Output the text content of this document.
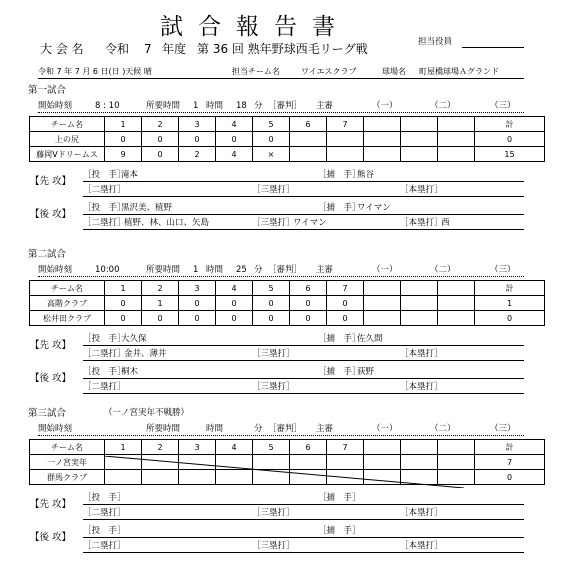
試合報告書
担当役員
大 会 名 令和 7 年度 第 36 回 熟年野球西毛リーグ戦
令和 7 年 7 月 6 日(日 )天候 晴	担当チーム名	ワイエスクラブ	球場名 町屋橋球場Ａグランド
第一試合
開始時刻	8 : 10	所要時間 1 時間 18 分 ［審判］ 主審	（一）	（二）	（三）
チーム名	1	2	3	4	5	6	7				計
上の尻	0	0	0	0	0						0
藤岡Vドリームス	9	0	2	4	×						15
【先 攻】
［投　手］
滝本	［捕　手］
熊谷
［二塁打］	［三塁打］	［本塁打］
【後 攻】
［投　手］
黒沢美、植野	［捕　手］
ワイマン
［二塁打］
植野、林、山口、矢島	［三塁打］
ワイマン	［本塁打］
西
第二試合
開始時刻	10:00	所要時間 1 時間 25 分 ［審判］ 主審	（一）	（二）	（三）
チーム名	1	2	3	4	5	6	7				計
高階クラブ	0	1	0	0	0	0	0				1
松井田クラブ	0	0	0	0	0	0	0				0
【先 攻】
［投　手］
大久保	［捕　手］
佐久間
［二塁打］
金井、薄井	［三塁打］	［本塁打］
【後 攻】
［投　手］
桐木	［捕　手］
荻野
［二塁打］	［三塁打］	［本塁打］
第三試合	（一ノ宮実年不戦勝）
開始時刻	所要時間	時間	分 ［審判］ 主審	（一）	（二）	（三）
チーム名	1	2	3	4	5	6	7				計
一ノ宮実年											7
群馬クラブ											0
【先 攻】
［投　手］	［捕　手］
［二塁打］	［三塁打］	［本塁打］
【後 攻】
［投　手］	［捕　手］
［二塁打］	［三塁打］	［本塁打］
